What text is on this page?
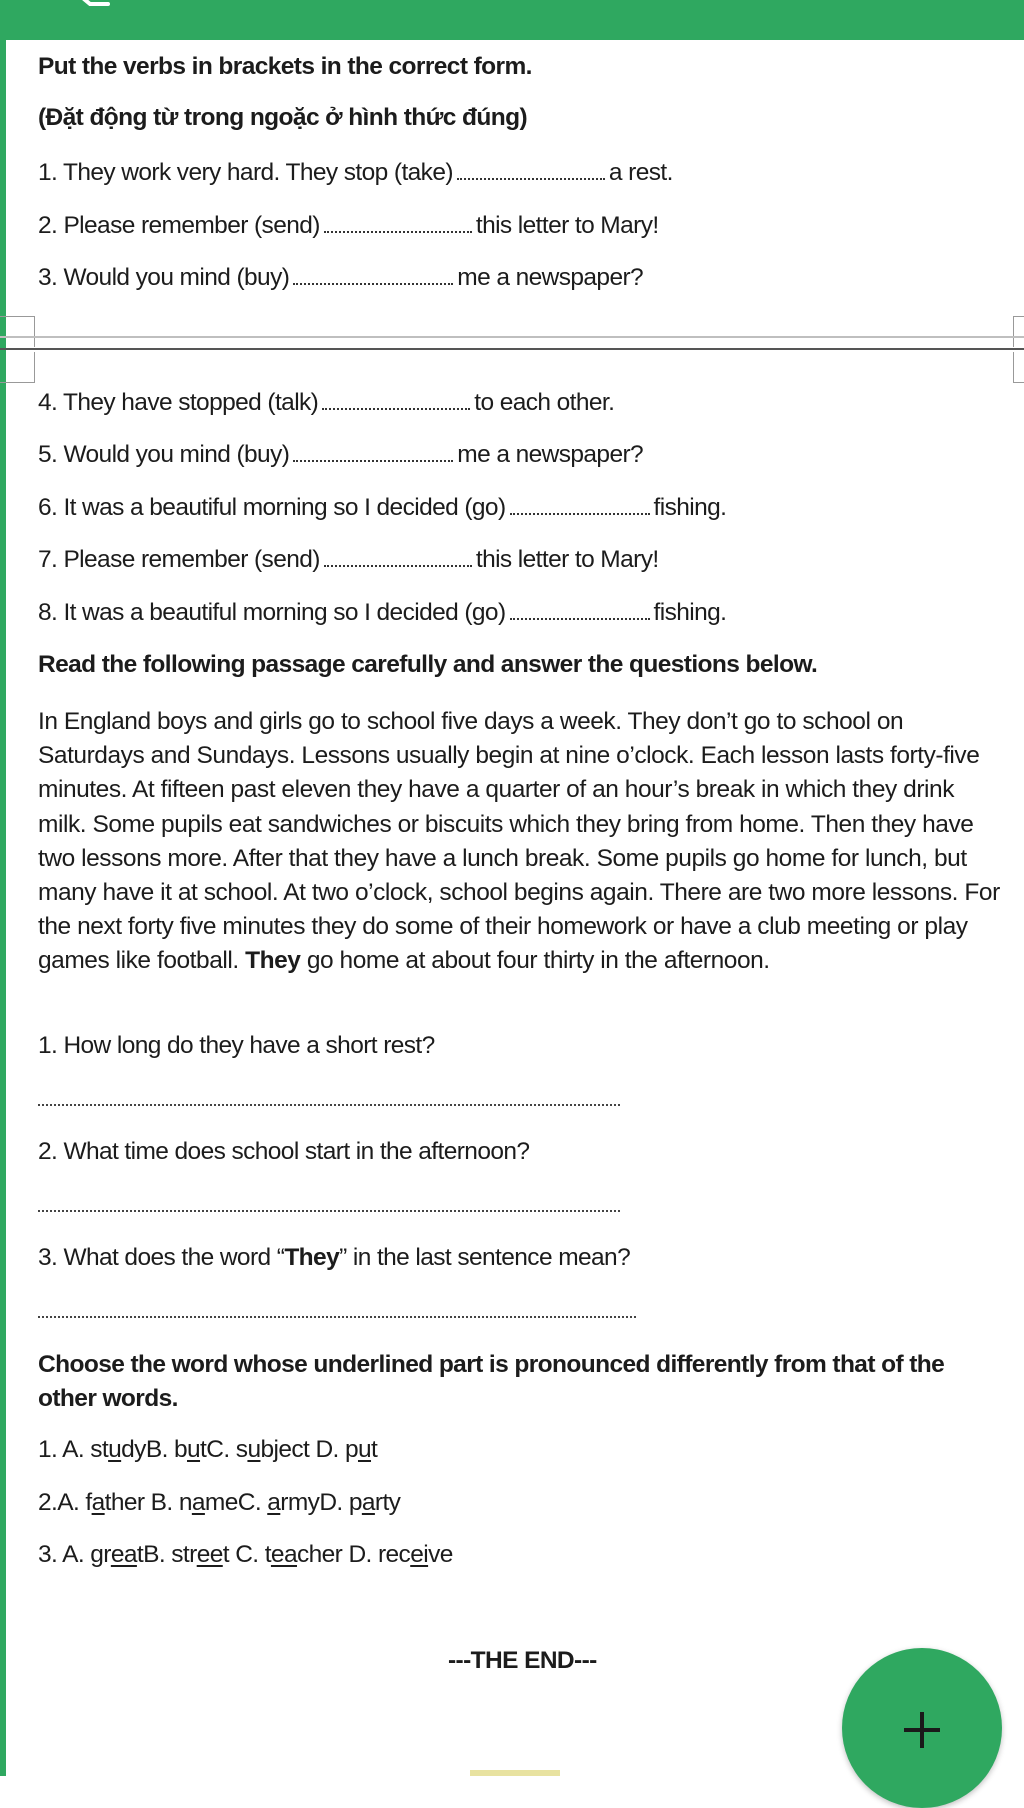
Put the verbs in brackets in the correct form.
(Đặt động từ trong ngoặc ở hình thức đúng)
1. They work very hard. They stop (take)	a rest.
2. Please remember (send)	this letter to Mary!
3. Would you mind (buy)	me a newspaper?
4. They have stopped (talk)	to each other.
5. Would you mind (buy)	me a newspaper?
6. It was a beautiful morning so I decided (go)	fishing.
7. Please remember (send)	this letter to Mary!
8. It was a beautiful morning so I decided (go)	fishing.
Read the following passage carefully and answer the questions below.
In England boys and girls go to school five days a week. They don’t go to school on Saturdays and Sundays. Lessons usually begin at nine o’clock. Each lesson lasts forty-five minutes. At fifteen past eleven they have a quarter of an hour’s break in which they drink milk. Some pupils eat sandwiches or biscuits which they bring from home. Then they have two lessons more. After that they have a lunch break. Some pupils go home for lunch, but many have it at school. At two o’clock, school begins again. There are two more lessons. For the next forty five minutes they do some of their homework or have a club meeting or play games like football. They go home at about four thirty in the afternoon.
1. How long do they have a short rest?
2. What time does school start in the afternoon?
3. What does the word “They” in the last sentence mean?
Choose the word whose underlined part is pronounced differently from that of the other words.
1. A. studyB. butC. subject D. put
2.A. father B. nameC. armyD. party
3. A. greatB. street C. teacher D. receive
---THE END---
